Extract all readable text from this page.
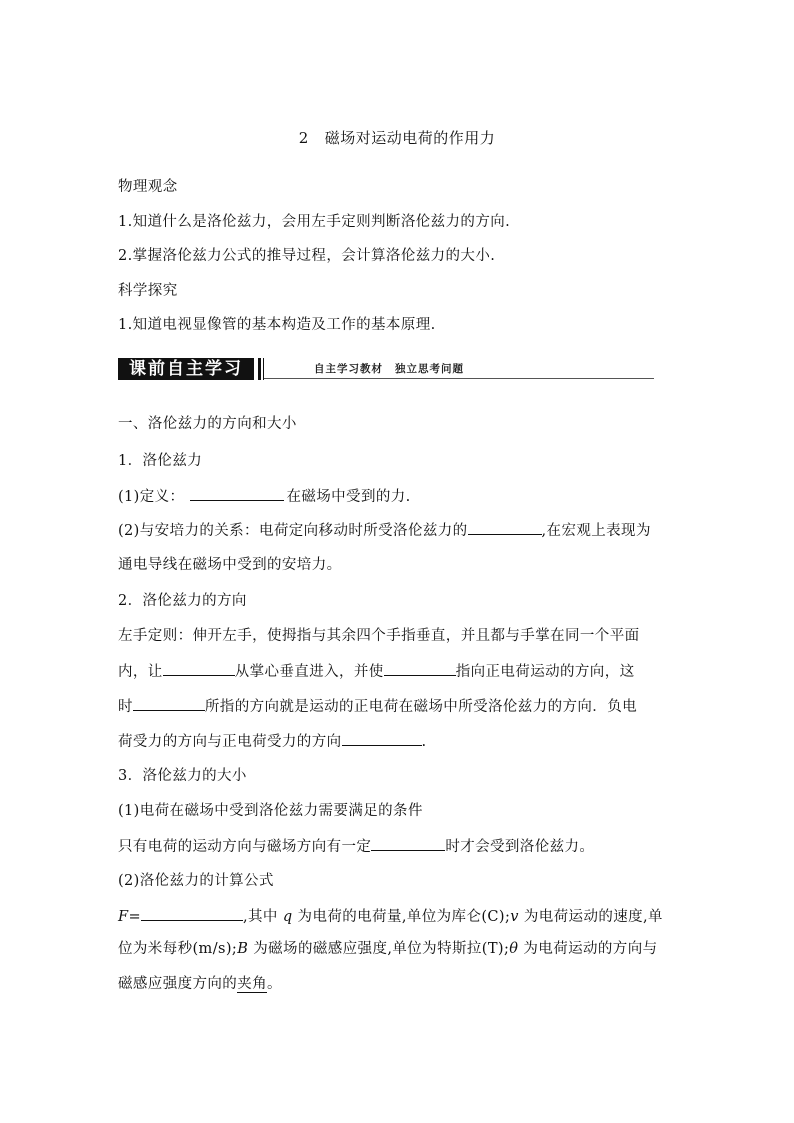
2 磁场对运动电荷的作用力
物理观念
1.知道什么是洛伦兹力，会用左手定则判断洛伦兹力的方向.
2.掌握洛伦兹力公式的推导过程，会计算洛伦兹力的大小.
科学探究
1.知道电视显像管的基本构造及工作的基本原理.
课前自主学习	自主学习教材 独立思考问题
一、洛伦兹力的方向和大小
1．洛伦兹力
(1)定义：	在磁场中受到的力.
(2)与安培力的关系：电荷定向移动时所受洛伦兹力的	,在宏观上表现为
通电导线在磁场中受到的安培力。
2．洛伦兹力的方向
左手定则：伸开左手，使拇指与其余四个手指垂直，并且都与手掌在同一个平面
内，让	从掌心垂直进入，并使	指向正电荷运动的方向，这
时	所指的方向就是运动的正电荷在磁场中所受洛伦兹力的方向．负电
荷受力的方向与正电荷受力的方向	.
3．洛伦兹力的大小
(1)电荷在磁场中受到洛伦兹力需要满足的条件
只有电荷的运动方向与磁场方向有一定	时才会受到洛伦兹力。
(2)洛伦兹力的计算公式
F=	,其中 q 为电荷的电荷量,单位为库仑(C);v 为电荷运动的速度,单
位为米每秒(m/s);B 为磁场的磁感应强度,单位为特斯拉(T);θ 为电荷运动的方向与
磁感应强度方向的夹角。
